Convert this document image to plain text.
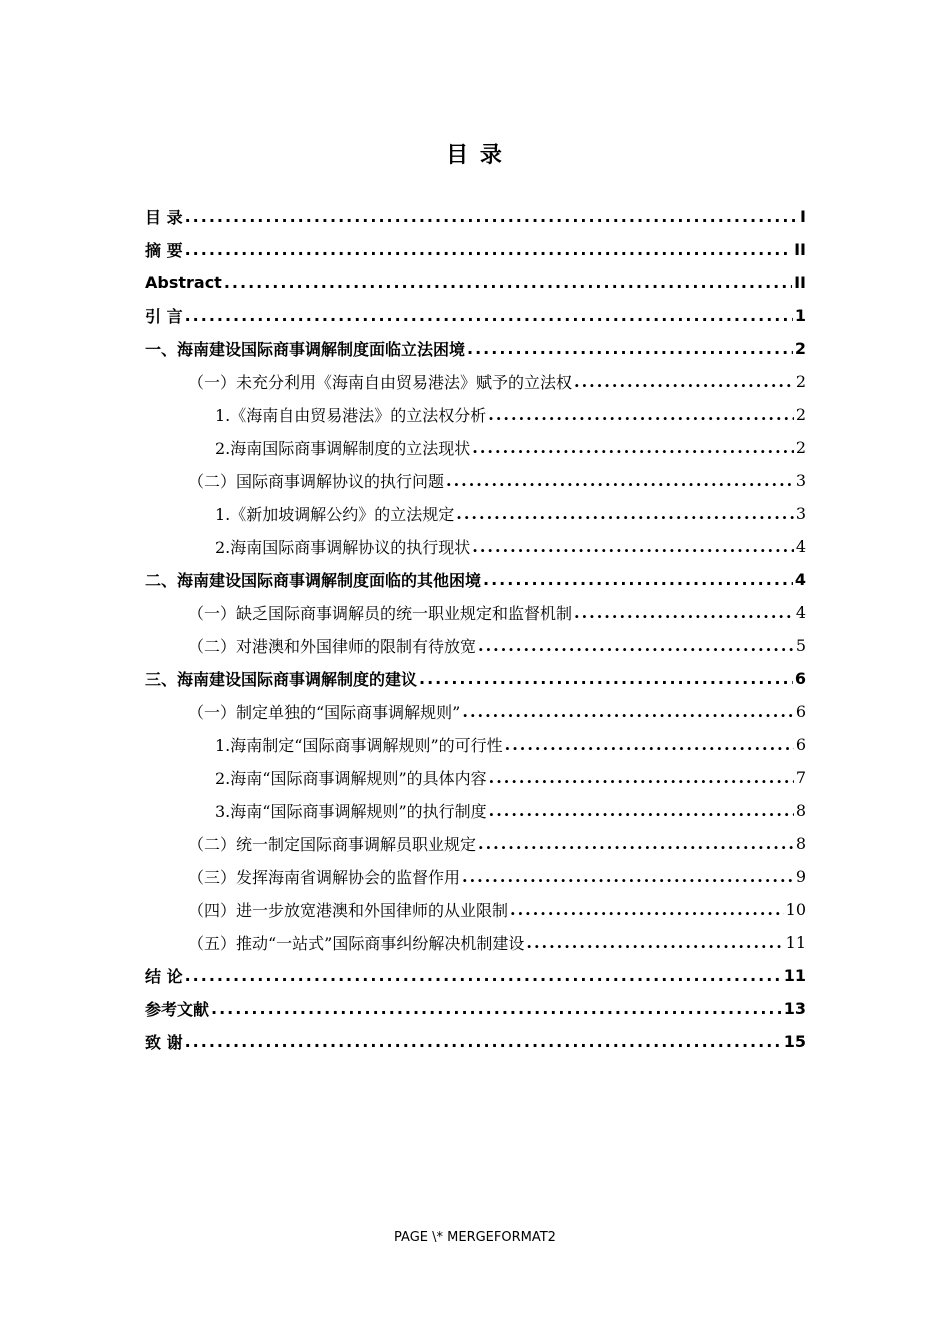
目 录
目 录 .....	I
摘 要 .....	II
Abstract .....	II
引 言 .....	1
一、海南建设国际商事调解制度面临立法困境 .....	2
（一）未充分利用《海南自由贸易港法》赋予的立法权 .....	2
1.《海南自由贸易港法》的立法权分析 .....	2
2.海南国际商事调解制度的立法现状 .....	2
（二）国际商事调解协议的执行问题 .....	3
1.《新加坡调解公约》的立法规定 .....	3
2.海南国际商事调解协议的执行现状 .....	4
二、海南建设国际商事调解制度面临的其他困境 .....	4
（一）缺乏国际商事调解员的统一职业规定和监督机制 .....	4
（二）对港澳和外国律师的限制有待放宽 .....	5
三、海南建设国际商事调解制度的建议 .....	6
（一）制定单独的“国际商事调解规则” .....	6
1.海南制定“国际商事调解规则”的可行性 .....	6
2.海南“国际商事调解规则”的具体内容 .....	7
3.海南“国际商事调解规则”的执行制度 .....	8
（二）统一制定国际商事调解员职业规定 .....	8
（三）发挥海南省调解协会的监督作用 .....	9
（四）进一步放宽港澳和外国律师的从业限制 .....	10
（五）推动“一站式”国际商事纠纷解决机制建设 .....	11
结 论 .....	11
参考文献 .....	13
致 谢 .....	15
PAGE \* MERGEFORMAT2
